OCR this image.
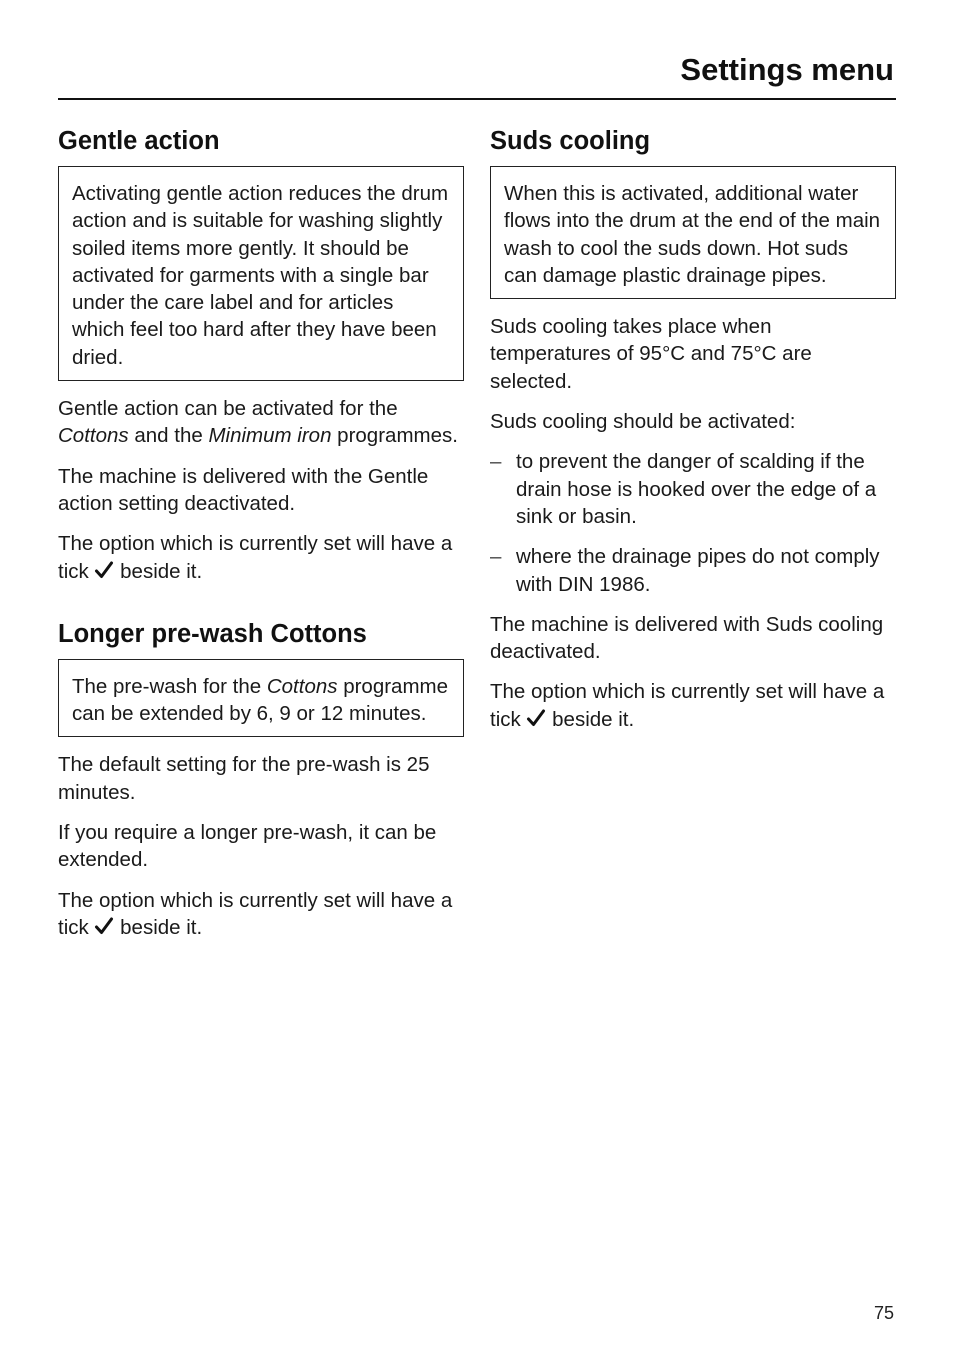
Settings menu
Gentle action
Activating gentle action reduces the drum action and is suitable for washing slightly soiled items more gently. It should be activated for garments with a single bar under the care label and for articles which feel too hard after they have been dried.

Gentle action can be activated for the Cottons and the Minimum iron programmes.

The machine is delivered with the Gentle action setting deactivated.

The option which is currently set will have a tick  beside it.

Longer pre-wash Cottons
The pre-wash for the Cottons programme can be extended by 6, 9 or 12 minutes.

The default setting for the pre-wash is 25 minutes.

If you require a longer pre-wash, it can be extended.

The option which is currently set will have a tick  beside it.

Suds cooling
When this is activated, additional water flows into the drum at the end of the main wash to cool the suds down. Hot suds can damage plastic drainage pipes.

Suds cooling takes place when temperatures of 95°C and 75°C are selected.

Suds cooling should be activated:

– to prevent the danger of scalding if the drain hose is hooked over the edge of a sink or basin.
– where the drainage pipes do not comply with DIN 1986.

The machine is delivered with Suds cooling deactivated.

The option which is currently set will have a tick  beside it.

75
